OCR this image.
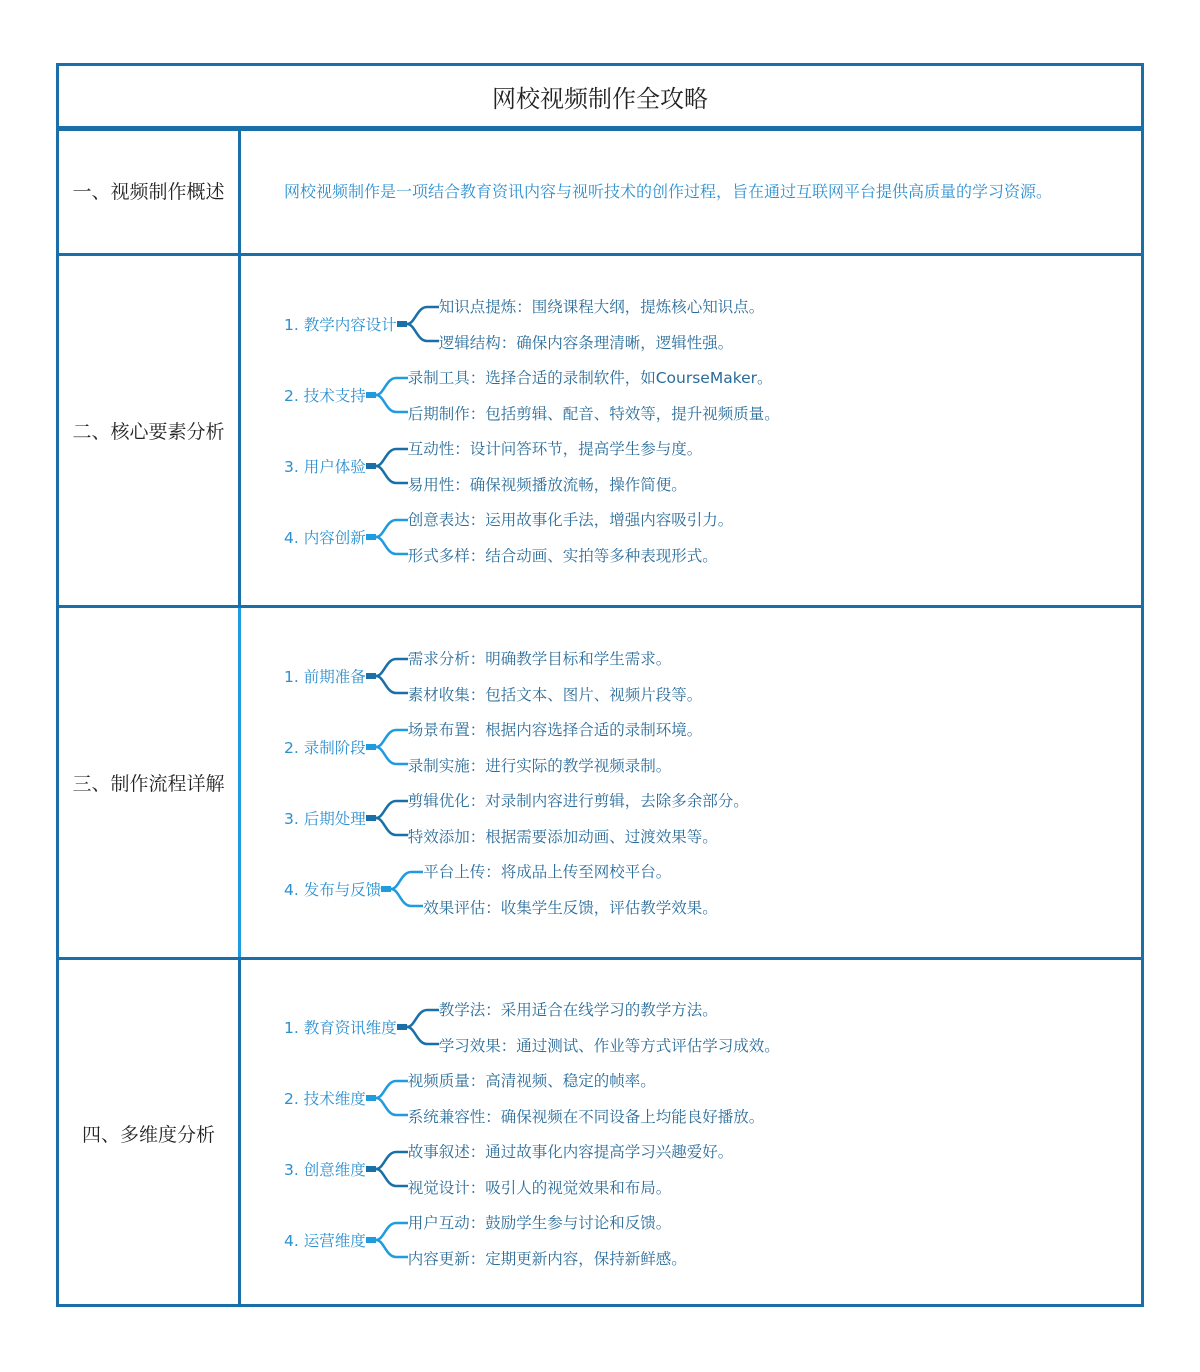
网校视频制作全攻略
一、视频制作概述	网校视频制作是一项结合教育资讯内容与视听技术的创作过程，旨在通过互联网平台提供高质量的学习资源。
二、核心要素分析
1. 教学内容设计
知识点提炼：围绕课程大纲，提炼核心知识点。
逻辑结构：确保内容条理清晰，逻辑性强。
2. 技术支持
录制工具：选择合适的录制软件，如CourseMaker。
后期制作：包括剪辑、配音、特效等，提升视频质量。
3. 用户体验
互动性：设计问答环节，提高学生参与度。
易用性：确保视频播放流畅，操作简便。
4. 内容创新
创意表达：运用故事化手法，增强内容吸引力。
形式多样：结合动画、实拍等多种表现形式。
三、制作流程详解
1. 前期准备
需求分析：明确教学目标和学生需求。
素材收集：包括文本、图片、视频片段等。
2. 录制阶段
场景布置：根据内容选择合适的录制环境。
录制实施：进行实际的教学视频录制。
3. 后期处理
剪辑优化：对录制内容进行剪辑，去除多余部分。
特效添加：根据需要添加动画、过渡效果等。
4. 发布与反馈
平台上传：将成品上传至网校平台。
效果评估：收集学生反馈，评估教学效果。
四、多维度分析
1. 教育资讯维度
教学法：采用适合在线学习的教学方法。
学习效果：通过测试、作业等方式评估学习成效。
2. 技术维度
视频质量：高清视频、稳定的帧率。
系统兼容性：确保视频在不同设备上均能良好播放。
3. 创意维度
故事叙述：通过故事化内容提高学习兴趣爱好。
视觉设计：吸引人的视觉效果和布局。
4. 运营维度
用户互动：鼓励学生参与讨论和反馈。
内容更新：定期更新内容，保持新鲜感。
